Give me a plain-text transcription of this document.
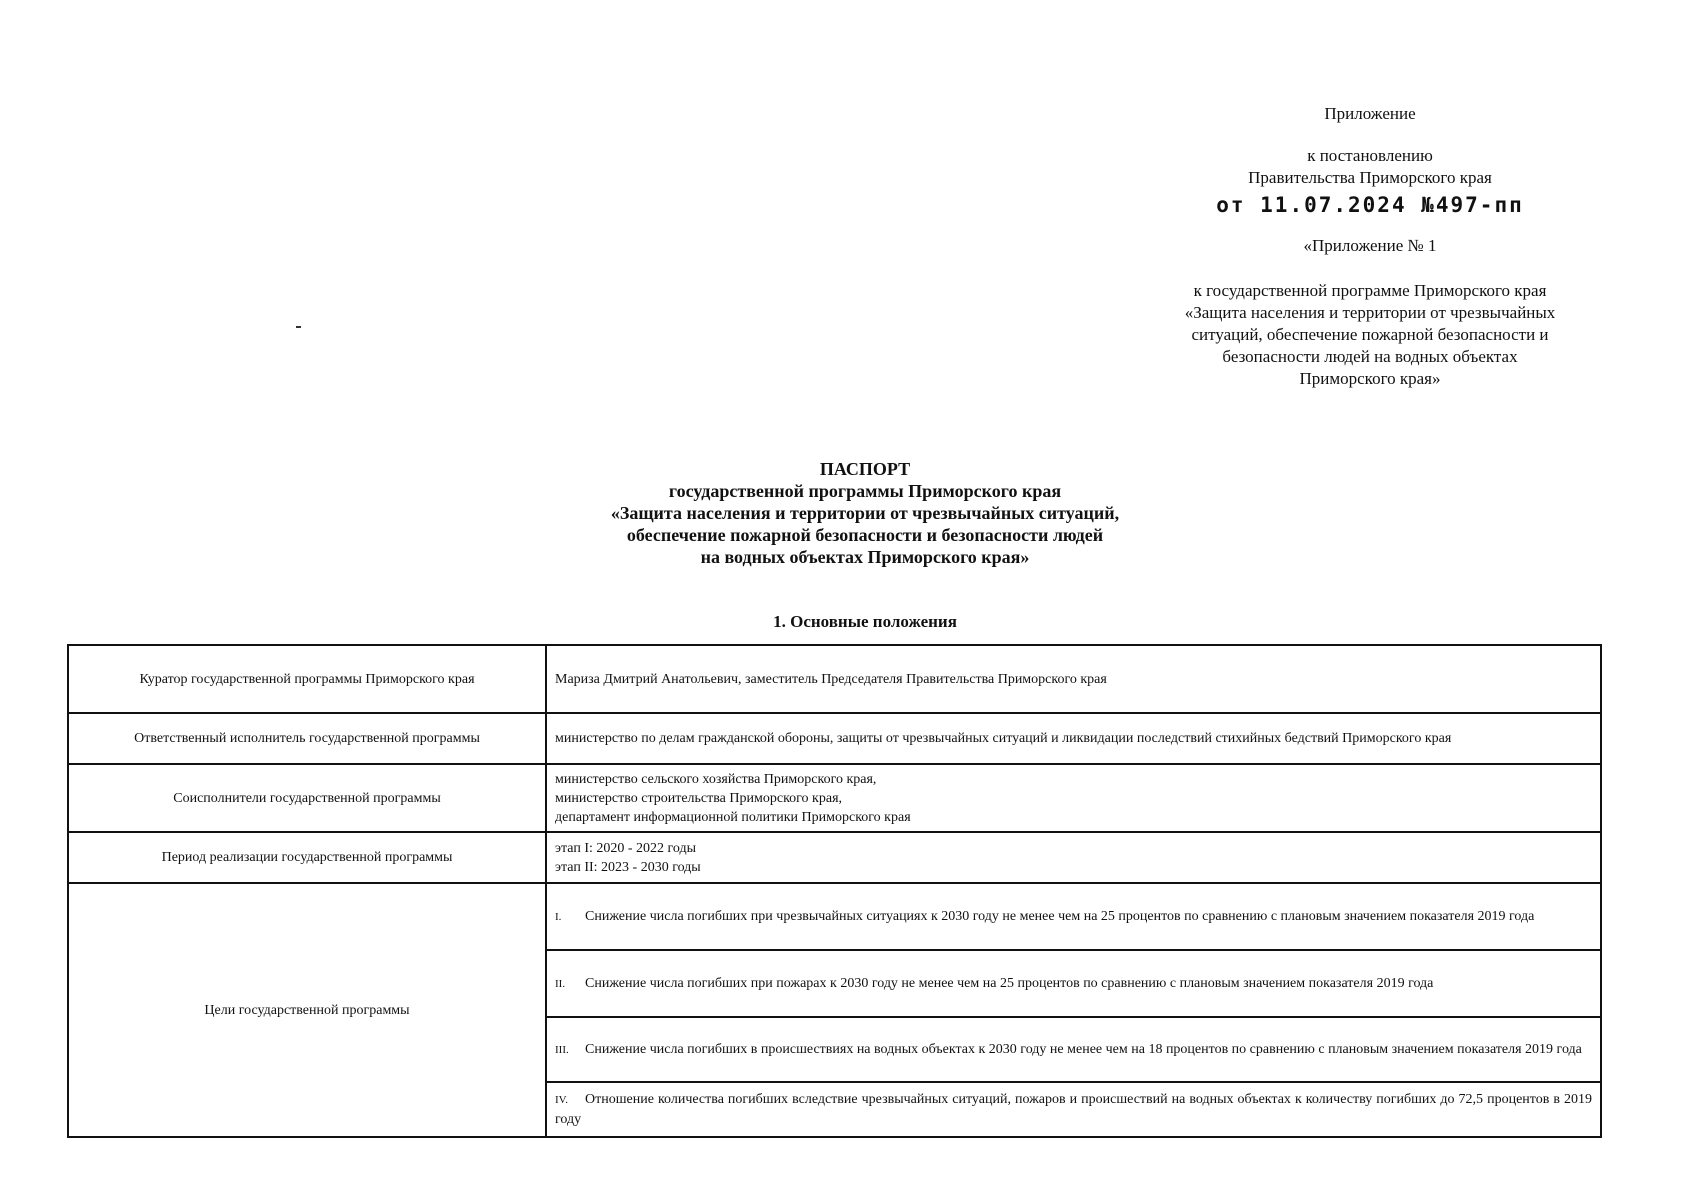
Приложение
к постановлению
Правительства Приморского края
от 11.07.2024 №497-пп
«Приложение № 1
к государственной программе Приморского края
«Защита населения и территории от чрезвычайных
ситуаций, обеспечение пожарной безопасности и
безопасности людей на водных объектах
Приморского края»
ПАСПОРТ
государственной программы Приморского края
«Защита населения и территории от чрезвычайных ситуаций,
обеспечение пожарной безопасности и безопасности людей
на водных объектах Приморского края»
1. Основные положения
Куратор государственной программы Приморского края	Мариза Дмитрий Анатольевич, заместитель Председателя Правительства Приморского края

Ответственный исполнитель государственной программы	министерство по делам гражданской обороны, защиты от чрезвычайных ситуаций и ликвидации последствий стихийных бедствий Приморского края

Соисполнители государственной программы	министерство сельского хозяйства Приморского края,
министерство строительства Приморского края,
департамент информационной политики Приморского края

Период реализации государственной программы	этап I: 2020 - 2022 годы
этап II: 2023 - 2030 годы

Цели государственной программы	I. Снижение числа погибших при чрезвычайных ситуациях к 2030 году не менее чем на 25 процентов по сравнению с плановым значением показателя 2019 года
	II. Снижение числа погибших при пожарах к 2030 году не менее чем на 25 процентов по сравнению с плановым значением показателя 2019 года
	III. Снижение числа погибших в происшествиях на водных объектах к 2030 году не менее чем на 18 процентов по сравнению с плановым значением показателя 2019 года
	IV. Отношение количества погибших вследствие чрезвычайных ситуаций, пожаров и происшествий на водных объектах к количеству погибших до 72,5 процентов в 2019 году
